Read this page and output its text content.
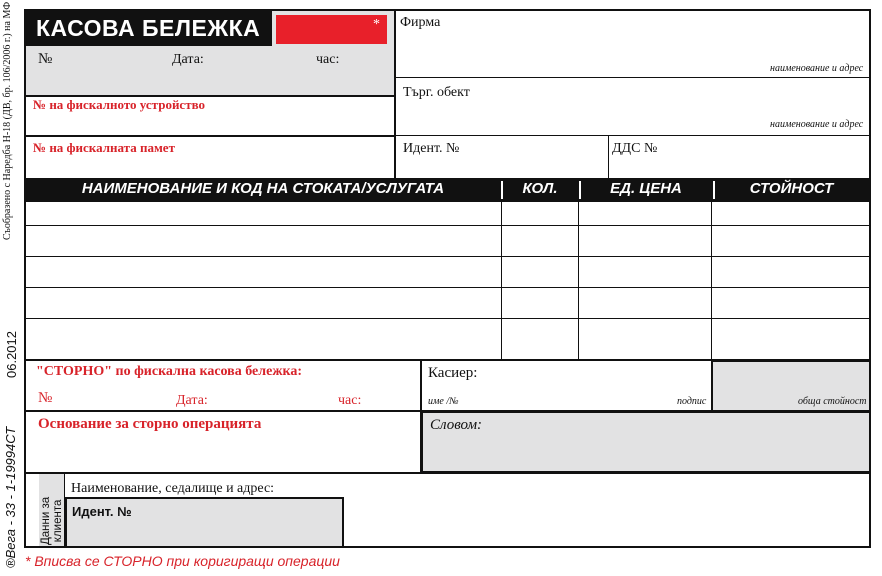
Съобразено с Наредба Н-18 (ДВ, бр. 106/2006 г.) на МФ
06.2012
®Вега - 33 - 1-19994СТ
КАСОВА БЕЛЕЖКА	*
№	Дата:	час:
№ на фискалното устройство
№ на фискалната памет
Фирма
наименование и адрес
Търг. обект
наименование и адрес
Идент. №	ДДС №
НАИМЕНОВАНИЕ И КОД НА СТОКАТА/УСЛУГАТА	КОЛ.	ЕД. ЦЕНА	СТОЙНОСТ
"СТОРНО" по фискална касова бележка:
№	Дата:	час:
Касиер:
име /№	подпис	обща стойност
Основание за сторно операцията	Словом:
Данни за клиента
Наименование, седалище и адрес:
Идент. №
* Вписва се СТОРНО при коригиращи операции
